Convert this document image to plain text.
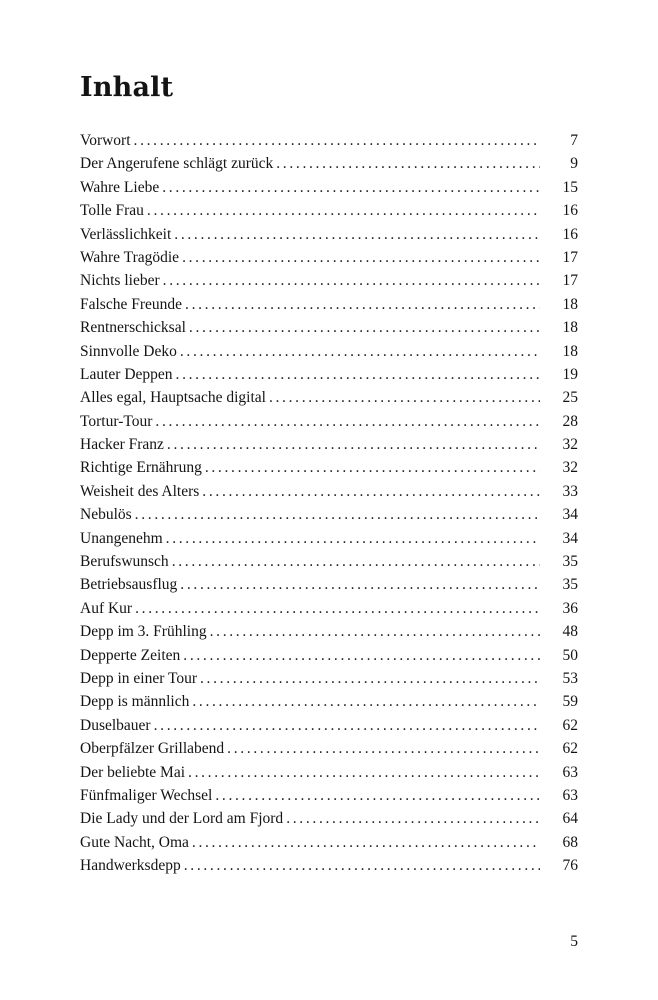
Inhalt
Vorwort . . .	7
Der Angerufene schlägt zurück . . .	9
Wahre Liebe . . .	15
Tolle Frau . . .	16
Verlässlichkeit . . .	16
Wahre Tragödie . . .	17
Nichts lieber . . .	17
Falsche Freunde . . .	18
Rentnerschicksal . . .	18
Sinnvolle Deko . . .	18
Lauter Deppen . . .	19
Alles egal, Hauptsache digital . . .	25
Tortur-Tour . . .	28
Hacker Franz . . .	32
Richtige Ernährung . . .	32
Weisheit des Alters . . .	33
Nebulös . . .	34
Unangenehm . . .	34
Berufswunsch . . .	35
Betriebsausflug . . .	35
Auf Kur . . .	36
Depp im 3. Frühling . . .	48
Depperte Zeiten . . .	50
Depp in einer Tour . . .	53
Depp is männlich . . .	59
Duselbauer . . .	62
Oberpfälzer Grillabend . . .	62
Der beliebte Mai . . .	63
Fünfmaliger Wechsel . . .	63
Die Lady und der Lord am Fjord . . .	64
Gute Nacht, Oma . . .	68
Handwerksdepp . . .	76
5
